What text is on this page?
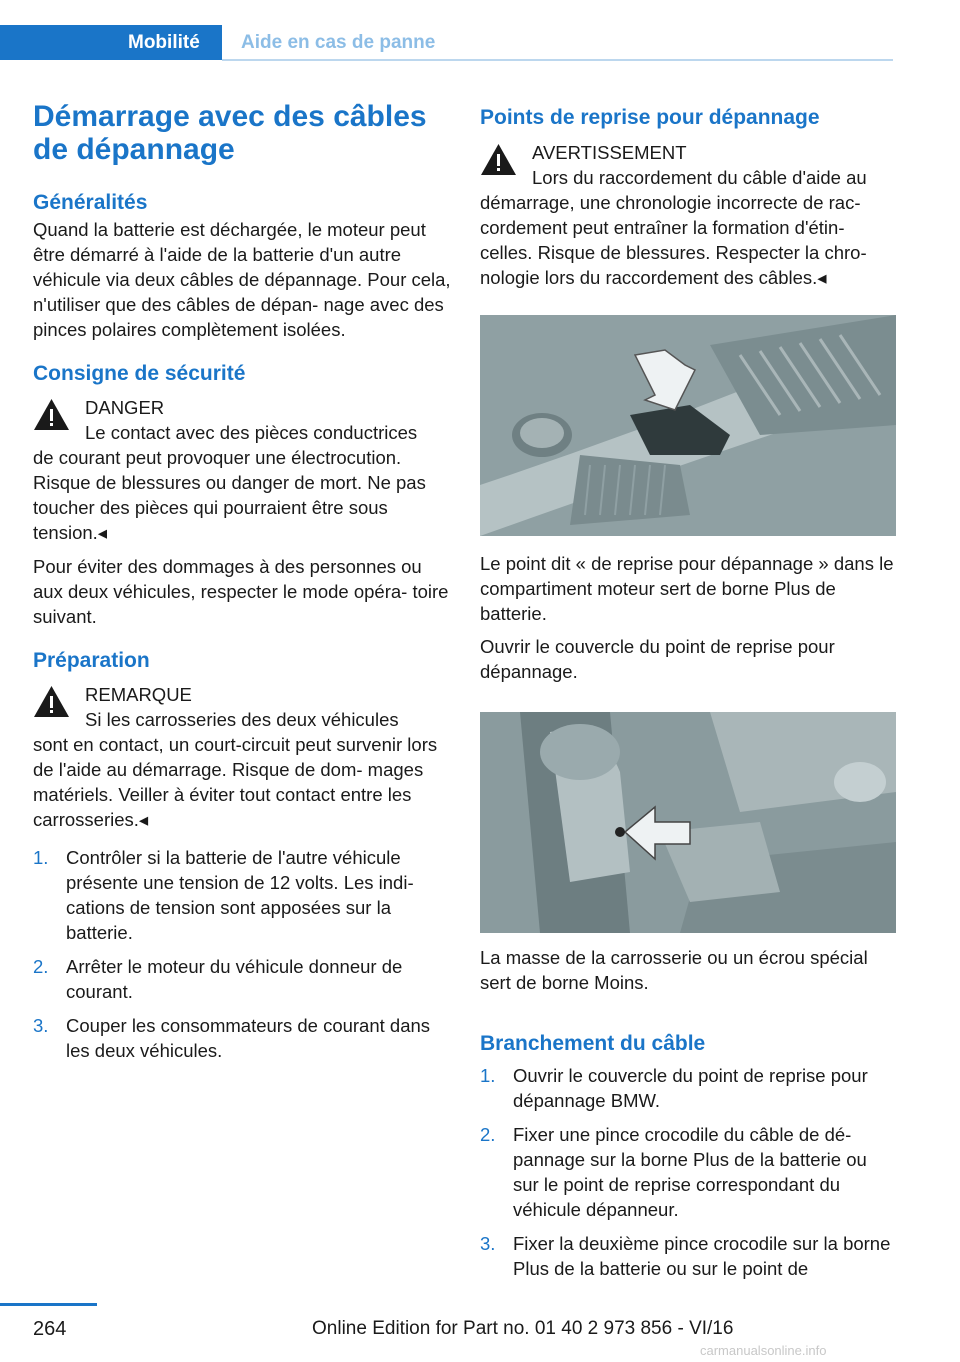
Mobilité	Aide en cas de panne
Démarrage avec des câbles de dépannage
Généralités

Quand la batterie est déchargée, le moteur peut être démarré à l'aide de la batterie d'un autre véhicule via deux câbles de dépannage. Pour cela, n'utiliser que des câbles de dépan‐ nage avec des pinces polaires complètement isolées.

Consigne de sécurité
DANGER

Le contact avec des pièces conductrices

de courant peut provoquer une électrocution. Risque de blessures ou danger de mort. Ne pas toucher des pièces qui pourraient être sous tension.◂

Pour éviter des dommages à des personnes ou aux deux véhicules, respecter le mode opéra‐ toire suivant.

Préparation
REMARQUE

Si les carrosseries des deux véhicules

sont en contact, un court-circuit peut survenir lors de l'aide au démarrage. Risque de dom‐ mages matériels. Veiller à éviter tout contact entre les carrosseries.◂

1. Contrôler si la batterie de l'autre véhicule présente une tension de 12 volts. Les indi‐ cations de tension sont apposées sur la batterie.
2. Arrêter le moteur du véhicule donneur de courant.
3. Couper les consommateurs de courant dans les deux véhicules.
Points de reprise pour dépannage
AVERTISSEMENT

Lors du raccordement du câble d'aide au

démarrage, une chronologie incorrecte de rac‐ cordement peut entraîner la formation d'étin‐ celles. Risque de blessures. Respecter la chro‐ nologie lors du raccordement des câbles.◂

Le point dit « de reprise pour dépannage » dans le compartiment moteur sert de borne Plus de batterie.

Ouvrir le couvercle du point de reprise pour dépannage.

La masse de la carrosserie ou un écrou spécial sert de borne Moins.

Branchement du câble
1. Ouvrir le couvercle du point de reprise pour dépannage BMW.
2. Fixer une pince crocodile du câble de dé‐ pannage sur la borne Plus de la batterie ou sur le point de reprise correspondant du véhicule dépanneur.
3. Fixer la deuxième pince crocodile sur la borne Plus de la batterie ou sur le point de
264	Online Edition for Part no. 01 40 2 973 856 - VI/16
carmanualsonline.info
